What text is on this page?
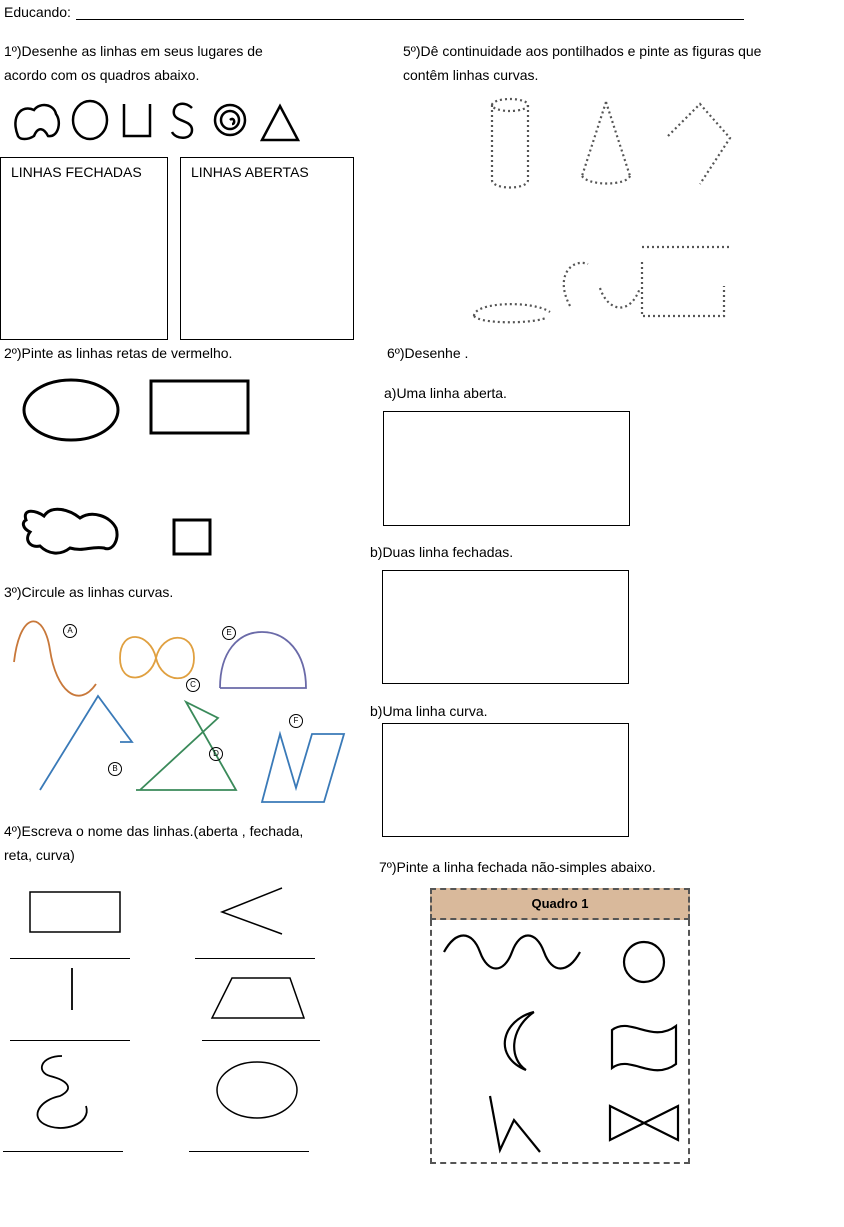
Educando:
1º)Desenhe as linhas em seus lugares de
acordo com os quadros abaixo.
LINHAS FECHADAS	LINHAS ABERTAS
2º)Pinte as linhas retas de vermelho.
3º)Circule as linhas curvas.
A
B
C
D
E
F
4º)Escreva o nome das linhas.(aberta , fechada,
reta, curva)
5º)Dê continuidade aos pontilhados e pinte as figuras que
contêm linhas curvas.
6º)Desenhe .
a)Uma linha aberta.
b)Duas linha fechadas.
b)Uma linha curva.
7º)Pinte a linha fechada não-simples abaixo.
Quadro 1
